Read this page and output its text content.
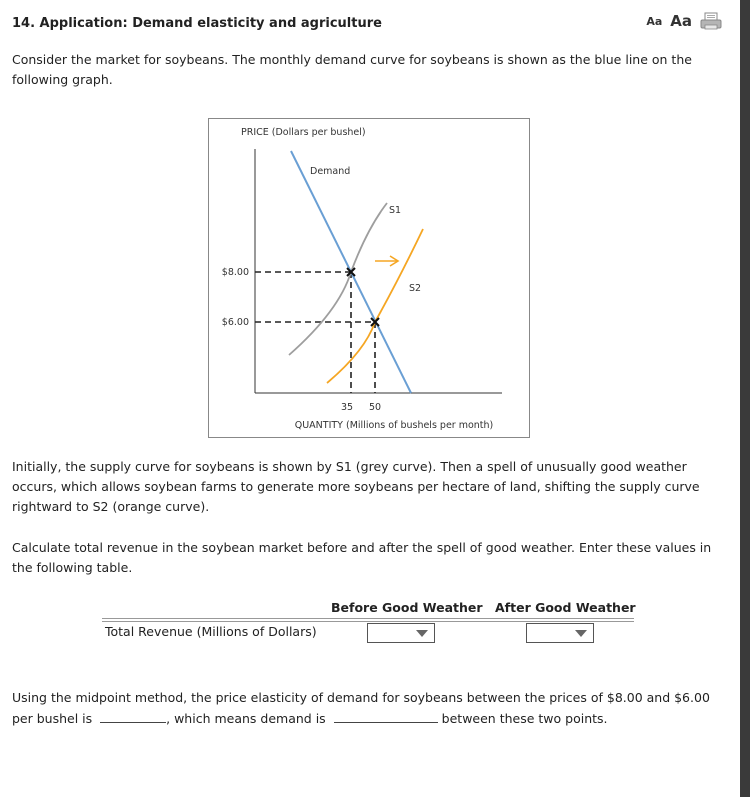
14. Application: Demand elasticity and agriculture	Aa Aa
Consider the market for soybeans. The monthly demand curve for soybeans is shown as the blue line on the following graph.
PRICE (Dollars per bushel)
Demand
S1
S2
$8.00
$6.00
35 50
QUANTITY (Millions of bushels per month)
Initially, the supply curve for soybeans is shown by S1 (grey curve). Then a spell of unusually good weather occurs, which allows soybean farms to generate more soybeans per hectare of land, shifting the supply curve rightward to S2 (orange curve).
Calculate total revenue in the soybean market before and after the spell of good weather. Enter these values in the following table.
Before Good Weather After Good Weather
Total Revenue (Millions of Dollars)
Using the midpoint method, the price elasticity of demand for soybeans between the prices of $8.00 and $6.00 per bushel is	, which means demand is	between these two points.
